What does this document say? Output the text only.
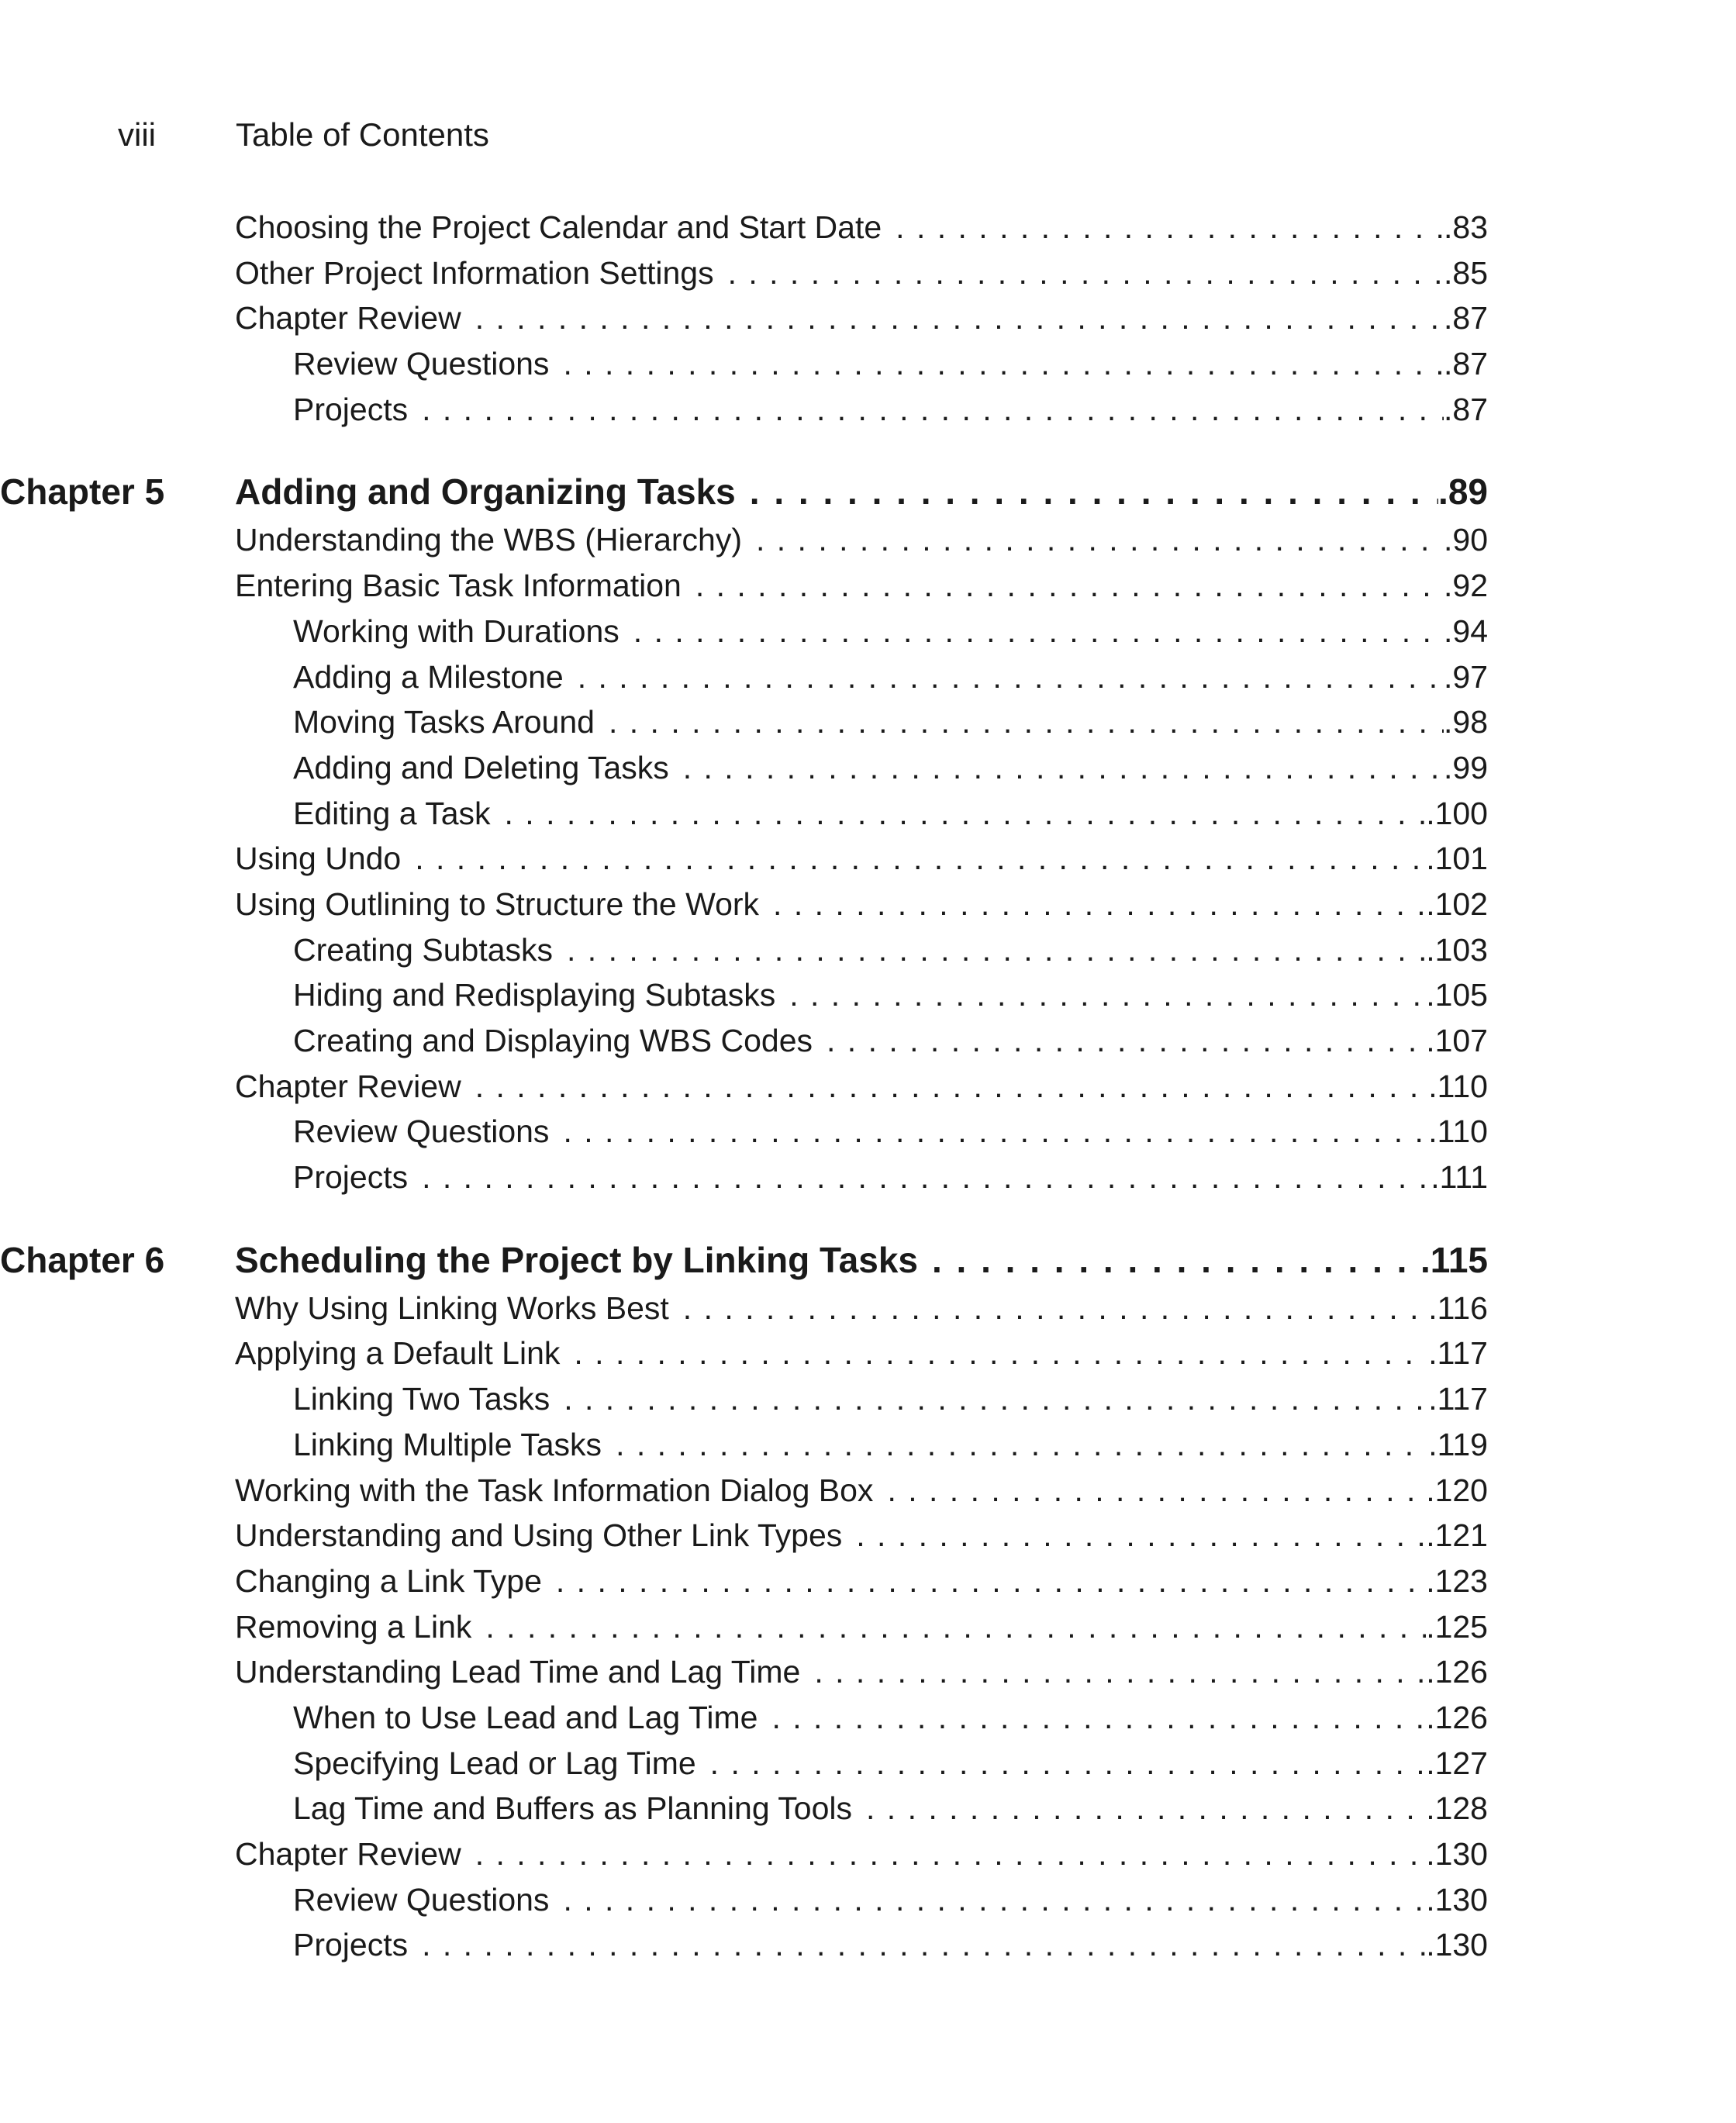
viii	Table of Contents
Choosing the Project Calendar and Start Date . . .	.83
Other Project Information Settings . . .	.85
Chapter Review . . .	.87
Review Questions . . .	.87
Projects . . .	.87
Chapter 5	Adding and Organizing Tasks . . .	.89
Understanding the WBS (Hierarchy) . . .	.90
Entering Basic Task Information . . .	.92
Working with Durations . . .	.94
Adding a Milestone . . .	.97
Moving Tasks Around . . .	.98
Adding and Deleting Tasks . . .	.99
Editing a Task . . .	.100
Using Undo . . .	.101
Using Outlining to Structure the Work . . .	.102
Creating Subtasks . . .	.103
Hiding and Redisplaying Subtasks . . .	.105
Creating and Displaying WBS Codes . . .	.107
Chapter Review . . .	.110
Review Questions . . .	.110
Projects . . .	.111
Chapter 6	Scheduling the Project by Linking Tasks . . .	.115
Why Using Linking Works Best . . .	.116
Applying a Default Link . . .	.117
Linking Two Tasks . . .	.117
Linking Multiple Tasks . . .	.119
Working with the Task Information Dialog Box . . .	.120
Understanding and Using Other Link Types . . .	.121
Changing a Link Type . . .	.123
Removing a Link . . .	.125
Understanding Lead Time and Lag Time . . .	.126
When to Use Lead and Lag Time . . .	.126
Specifying Lead or Lag Time . . .	.127
Lag Time and Buffers as Planning Tools . . .	.128
Chapter Review . . .	.130
Review Questions . . .	.130
Projects . . .	.130
